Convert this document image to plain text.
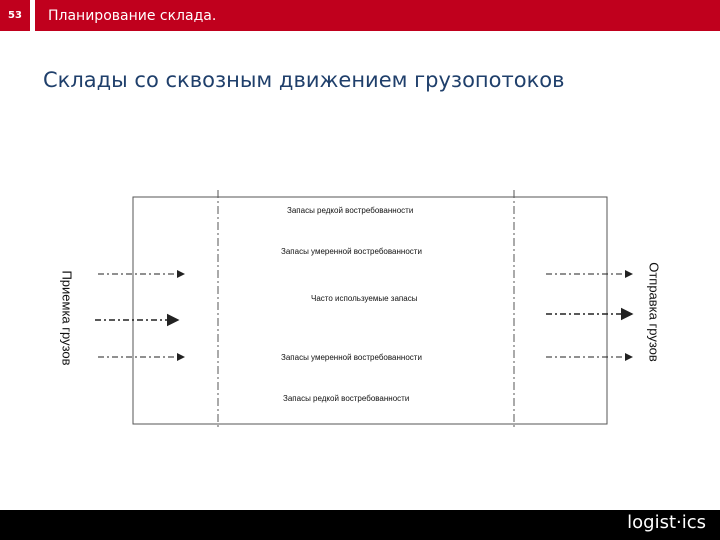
53	Планирование склада.
Склады со сквозным движением грузопотоков
Запасы редкой востребованности
Запасы умеренной востребованности
Часто используемые запасы
Запасы умеренной востребованности
Запасы редкой востребованности
Приемка грузов	Отправка грузов
logist·ics
